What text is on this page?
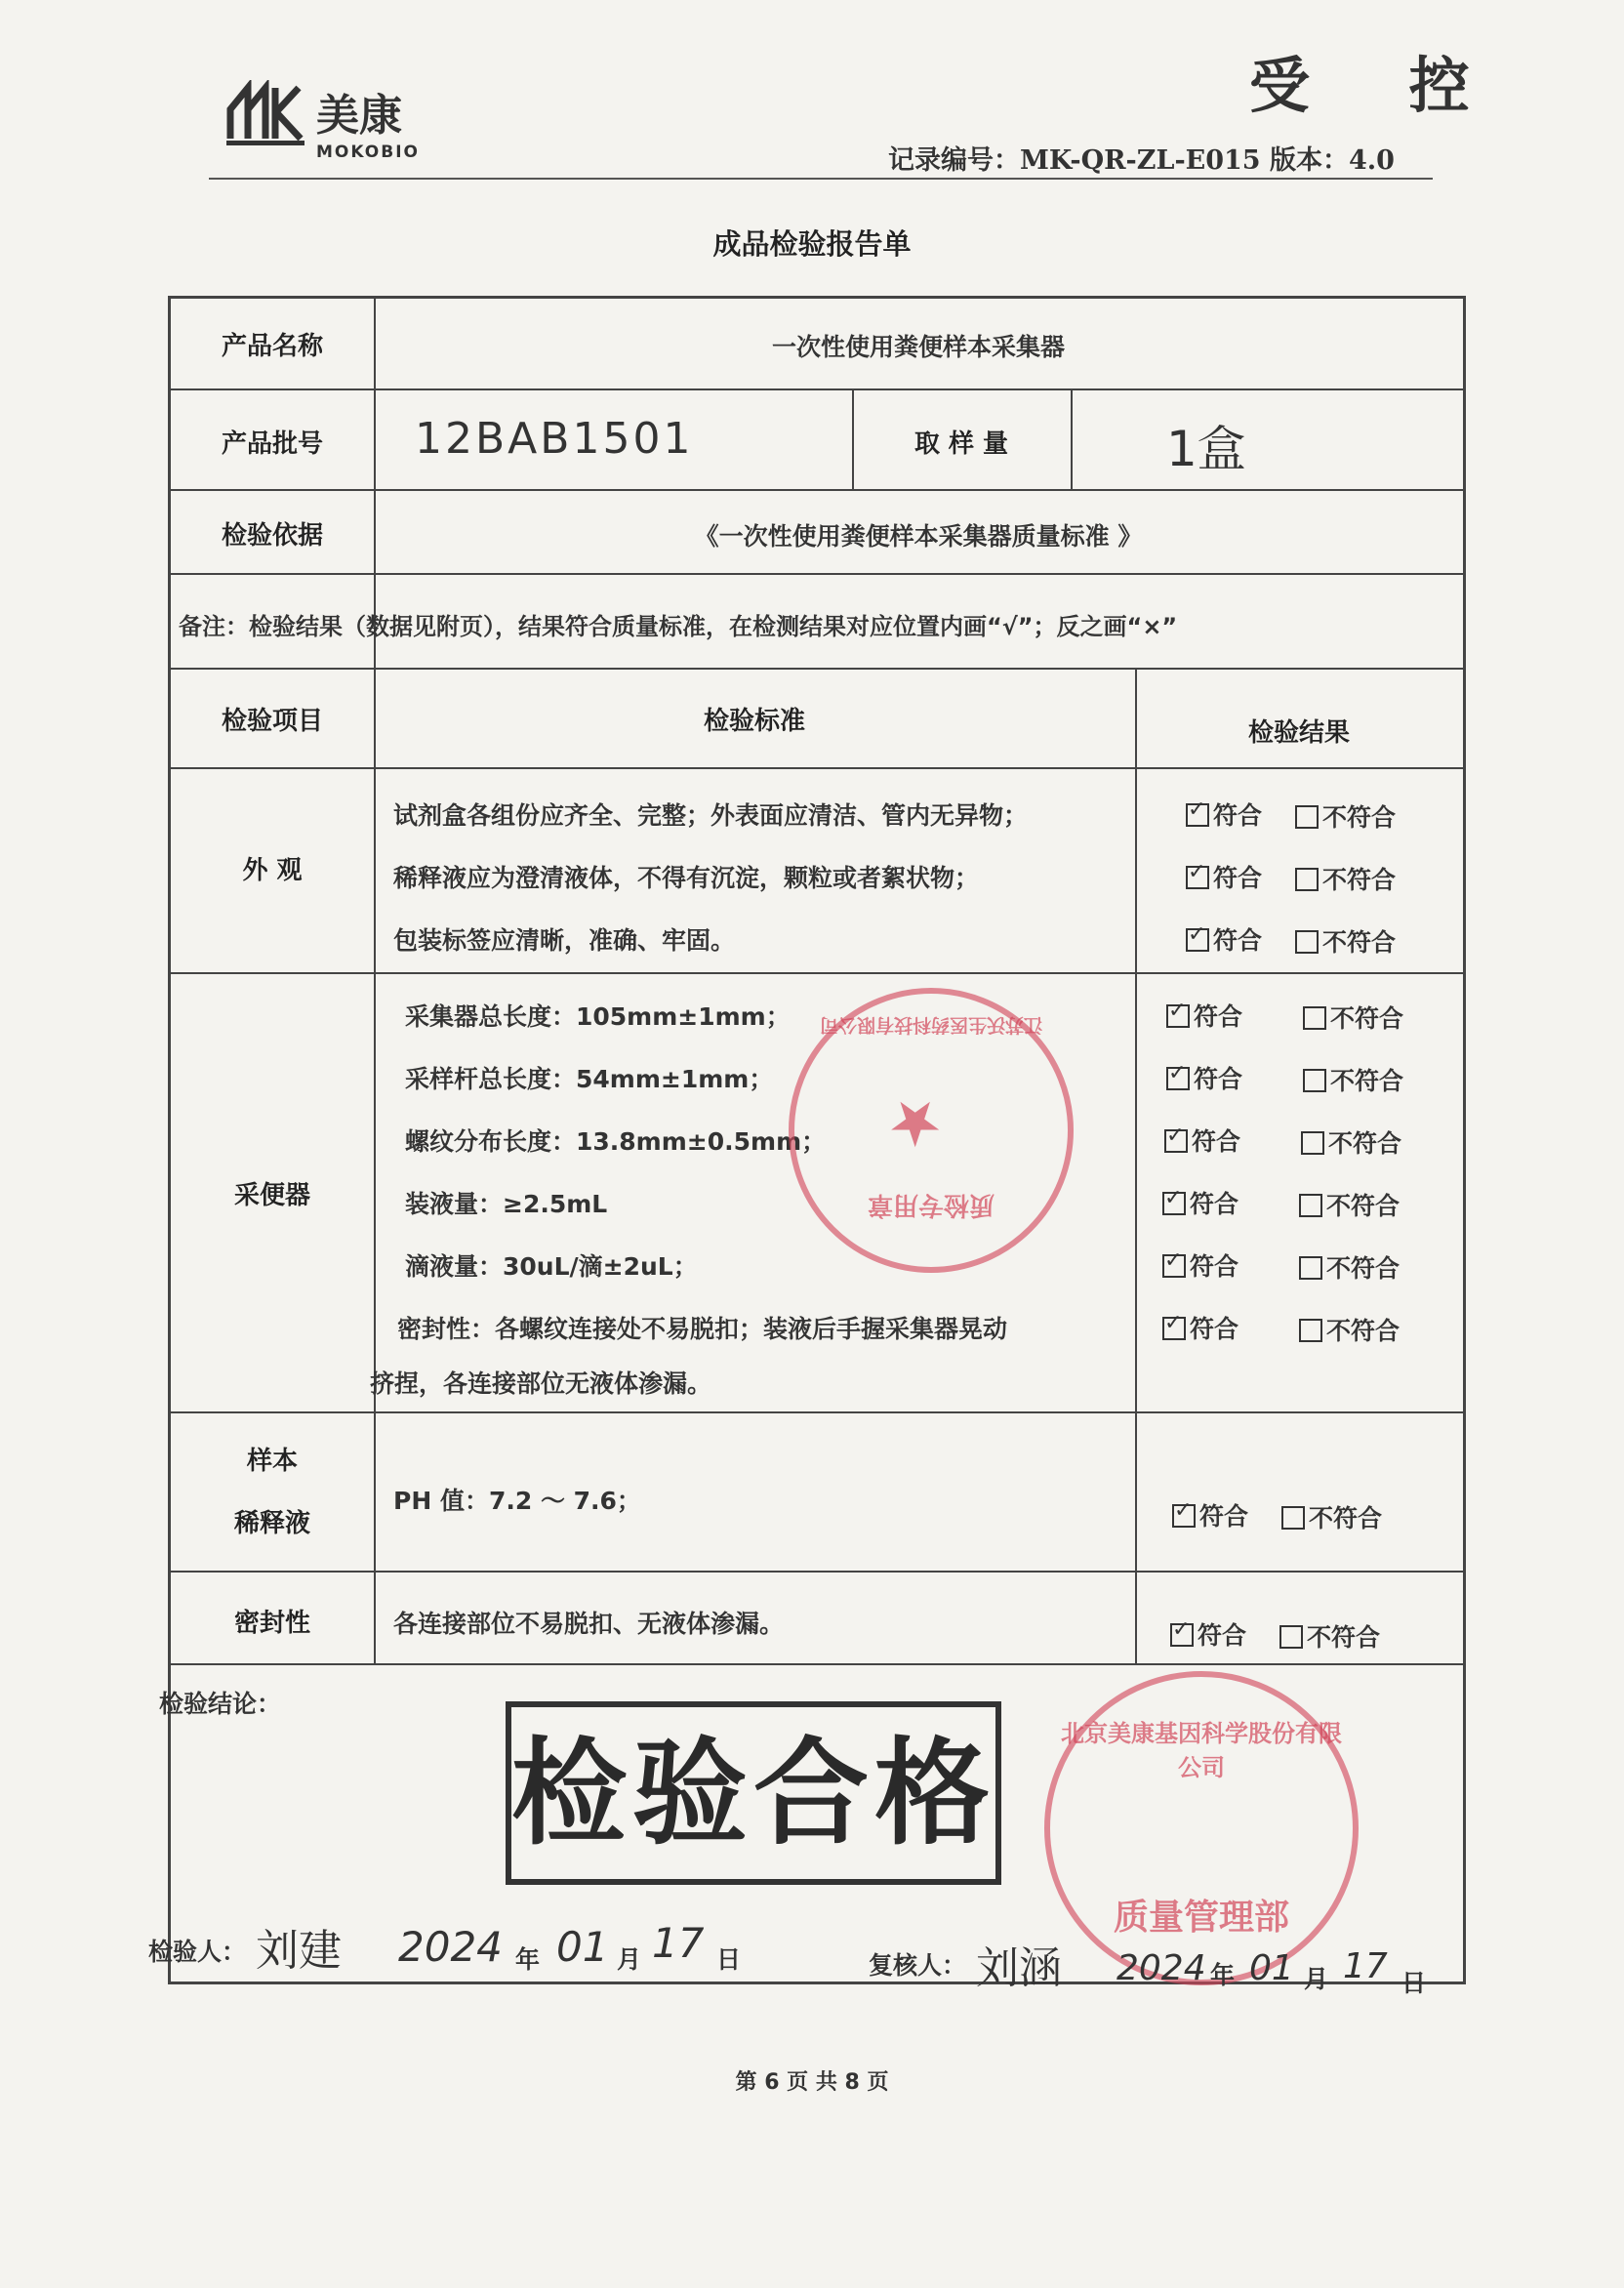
受 控
美康
MOKOBIO	记录编号：MK-QR-ZL-E015 版本：4.0
成品检验报告单
产品名称	一次性使用粪便样本采集器
产品批号	12BAB1501	取 样 量	1盒
检验依据	《一次性使用粪便样本采集器质量标准 》
备注：检验结果（数据见附页），结果符合质量标准，在检测结果对应位置内画“√”；反之画“×”
检验项目	检验标准	检验结果
外 观
试剂盒各组份应齐全、完整；外表面应清洁、管内无异物；
稀释液应为澄清液体，不得有沉淀，颗粒或者絮状物；
包装标签应清晰，准确、牢固。
✓符合	不符合
✓符合	不符合
✓符合	不符合
采便器
采集器总长度：105mm±1mm；
采样杆总长度：54mm±1mm；
螺纹分布长度：13.8mm±0.5mm；
装液量：≥2.5mL
滴液量：30uL/滴±2uL；
密封性：各螺纹连接处不易脱扣；装液后手握采集器晃动
挤捏，各连接部位无液体渗漏。
✓符合	不符合
✓符合	不符合
✓符合	不符合
✓符合	不符合
✓符合	不符合
✓符合	不符合
样本
稀释液
PH 值：7.2 ～ 7.6；
✓符合	不符合
密封性	各连接部位不易脱扣、无液体渗漏。
✓	符合	不符合
检验结论：
检验合格
江苏沃生医药科技有限公司
★
质检专用章
北京美康基因科学股份有限公司
质量管理部
检验人： 刘建 2024 年 01 月 17 日	复核人： 刘涵 2024 年 01 月 17 日
第 6 页 共 8 页
